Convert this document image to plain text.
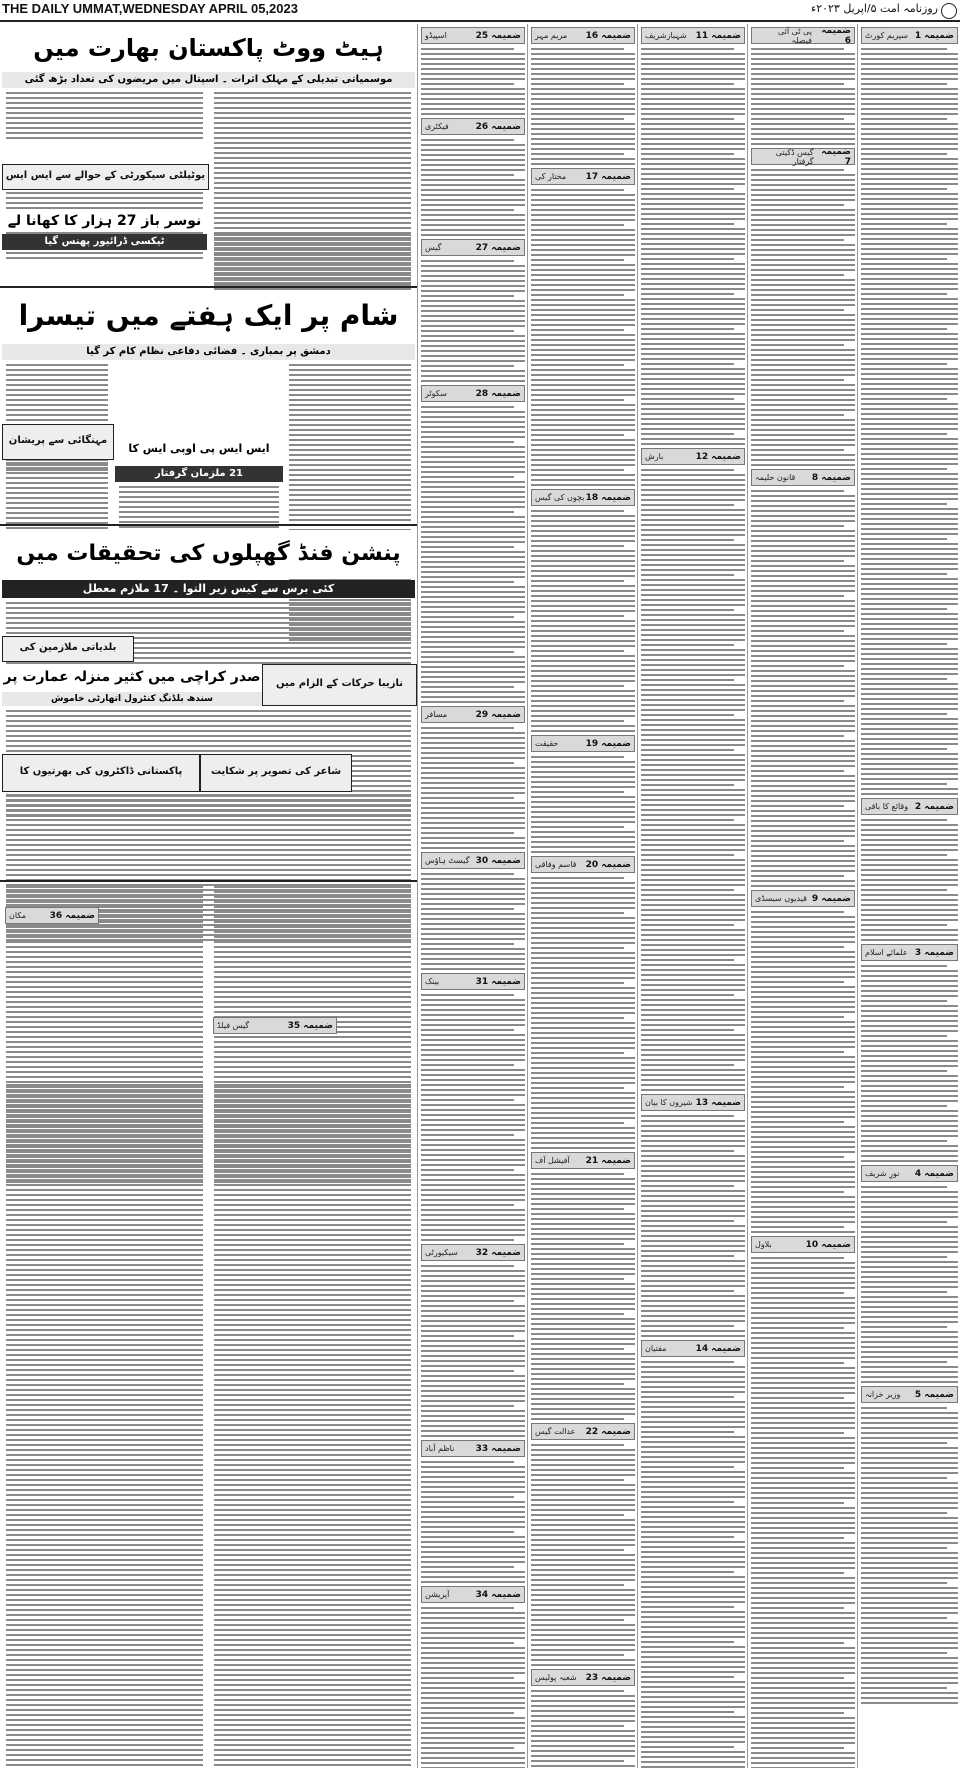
THE DAILY UMMAT,WEDNESDAY APRIL 05,2023	روزنامہ امت ۵/اپریل ۲۰۲۳ء
ضمیمہ 1
سپریم کورٹ
ضمیمہ 2
وقائع کا باقی
ضمیمہ 3
علمائے اسلام
ضمیمہ 4
نورِ شریف
ضمیمہ 5
وزیر خزانہ
ضمیمہ 6
پی ٹی آئی فیصلہ
ضمیمہ 7
گیس ڈکیتی گرفتار
ضمیمہ 8
قانون حلیمہ
ضمیمہ 9
قیدیوں سبسڈی
ضمیمہ 10
بلاول
ضمیمہ 11
شہبازشریف
ضمیمہ 12
بارش
ضمیمہ 13
شیروں کا بیان
ضمیمہ 14
مفتیان
ضمیمہ 16
مریم مہر
ضمیمہ 17
مختار کی
ضمیمہ 18
بچوں کی گیس
ضمیمہ 19
حقیقت
ضمیمہ 20
قاسم وفاقی
ضمیمہ 21
آفیشل آف
ضمیمہ 22
عدالت گیس
ضمیمہ 23
شعبہ پولیس
ضمیمہ 25
اسپیڈو
ضمیمہ 26
فیکٹری
ضمیمہ 27
گیس
ضمیمہ 28
سکوٹر
ضمیمہ 29
مسافر
ضمیمہ 30
گیسٹ ہاؤس
ضمیمہ 31
بینک
ضمیمہ 32
سیکیورٹی
ضمیمہ 33
ناظم آباد
ضمیمہ 34
آپریشن
ہیٹ ووٹ پاکستان بھارت میں
موسمیاتی تبدیلی کے مہلک اثرات ۔ اسپتال میں مریضوں کی تعداد بڑھ گئی
یوٹیلٹی سیکورٹی کے حوالے سے ایس ایس
نوسر باز 27 ہزار کا کھانا لے
ٹیکسی ڈرائیور پھنس گیا
شام پر ایک ہفتے میں تیسرا
دمشق پر بمباری ۔ فضائی دفاعی نظام کام کر گیا
مہنگائی سے پریشان
ایس ایس پی اوپی ایس کا
21 ملزمان گرفتار
پنشن فنڈ گھپلوں کی تحقیقات میں
کئی برس سے کیس زیر التوا ۔ 17 ملازم معطل
بلدیاتی ملازمین کی
صدر کراچی میں کثیر منزلہ عمارت پر
سندھ بلڈنگ کنٹرول اتھارٹی خاموش
نازیبا حرکات کے الزام میں
شاعر کی تصویر پر شکایت
پاکستانی ڈاکٹروں کی بھرتیوں کا
ضمیمہ 36
مکان
ضمیمہ 35
گیس فیلڈ
